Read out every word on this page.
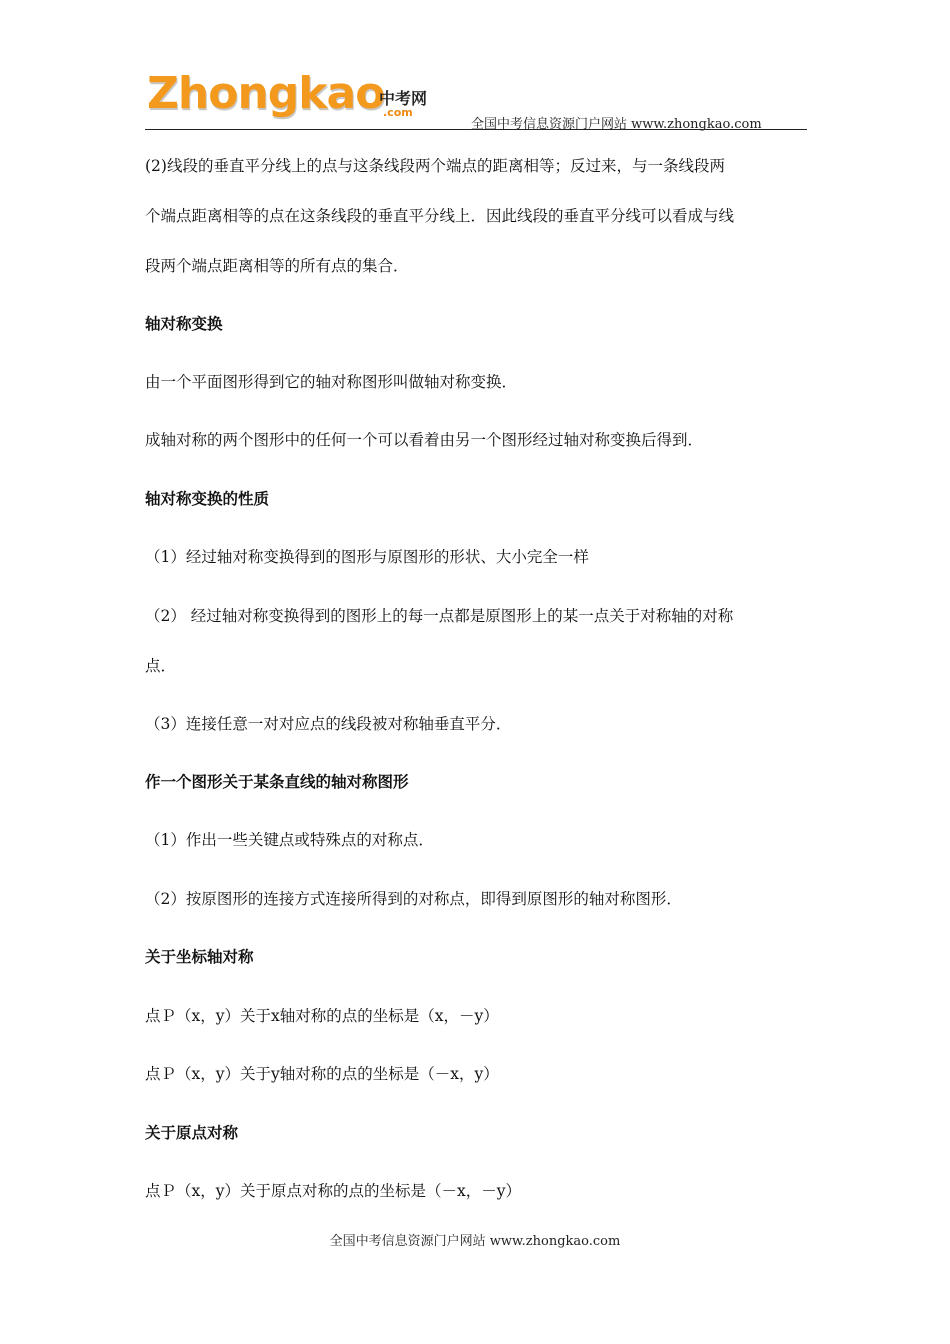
Zhongkao
中考网
.com
全国中考信息资源门户网站 www.zhongkao.com
(2)线段的垂直平分线上的点与这条线段两个端点的距离相等；反过来，与一条线段两
个端点距离相等的点在这条线段的垂直平分线上．因此线段的垂直平分线可以看成与线
段两个端点距离相等的所有点的集合．
轴对称变换
由一个平面图形得到它的轴对称图形叫做轴对称变换．
成轴对称的两个图形中的任何一个可以看着由另一个图形经过轴对称变换后得到．
轴对称变换的性质
（1）经过轴对称变换得到的图形与原图形的形状、大小完全一样
（2） 经过轴对称变换得到的图形上的每一点都是原图形上的某一点关于对称轴的对称
点．
（3）连接任意一对对应点的线段被对称轴垂直平分．
作一个图形关于某条直线的轴对称图形
（1）作出一些关键点或特殊点的对称点．
（2）按原图形的连接方式连接所得到的对称点，即得到原图形的轴对称图形．
关于坐标轴对称
点Ｐ（x，y）关于x轴对称的点的坐标是（x，－y）
点Ｐ（x，y）关于y轴对称的点的坐标是（－x，y）
关于原点对称
点Ｐ（x，y）关于原点对称的点的坐标是（－x，－y）
全国中考信息资源门户网站 www.zhongkao.com
